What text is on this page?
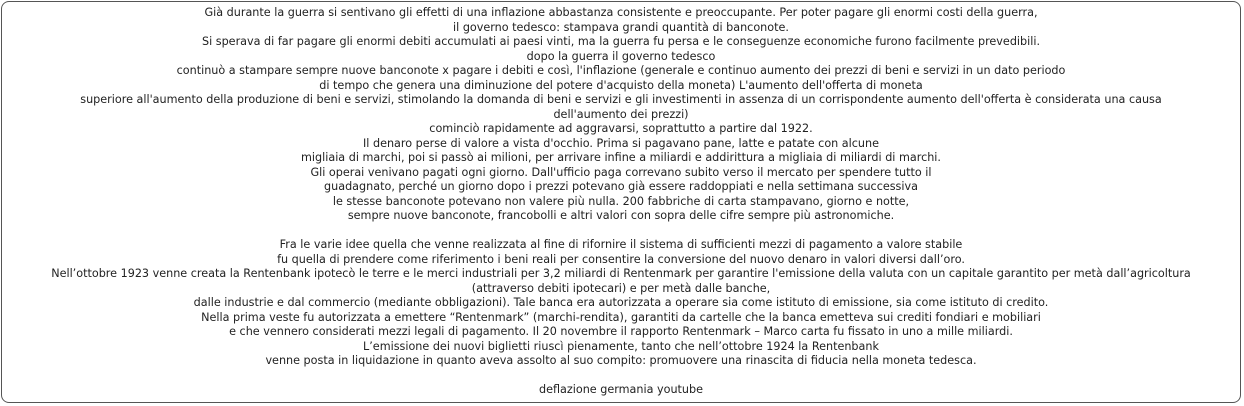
Già durante la guerra si sentivano gli effetti di una inflazione abbastanza consistente e preoccupante. Per poter pagare gli enormi costi della guerra,
il governo tedesco: stampava grandi quantità di banconote.
Si sperava di far pagare gli enormi debiti accumulati ai paesi vinti, ma la guerra fu persa e le conseguenze economiche furono facilmente prevedibili.
dopo la guerra il governo tedesco
continuò a stampare sempre nuove banconote x pagare i debiti e così, l'inflazione (generale e continuo aumento dei prezzi di beni e servizi in un dato periodo
di tempo che genera una diminuzione del potere d'acquisto della moneta) L'aumento dell'offerta di moneta
superiore all'aumento della produzione di beni e servizi, stimolando la domanda di beni e servizi e gli investimenti in assenza di un corrispondente aumento dell'offerta è considerata una causa
dell'aumento dei prezzi)
cominciò rapidamente ad aggravarsi, soprattutto a partire dal 1922.
Il denaro perse di valore a vista d'occhio. Prima si pagavano pane, latte e patate con alcune
migliaia di marchi, poi si passò ai milioni, per arrivare infine a miliardi e addirittura a migliaia di miliardi di marchi.
Gli operai venivano pagati ogni giorno. Dall'ufficio paga correvano subito verso il mercato per spendere tutto il
guadagnato, perché un giorno dopo i prezzi potevano già essere raddoppiati e nella settimana successiva
le stesse banconote potevano non valere più nulla. 200 fabbriche di carta stampavano, giorno e notte,
sempre nuove banconote, francobolli e altri valori con sopra delle cifre sempre più astronomiche.
Fra le varie idee quella che venne realizzata al fine di rifornire il sistema di sufficienti mezzi di pagamento a valore stabile
fu quella di prendere come riferimento i beni reali per consentire la conversione del nuovo denaro in valori diversi dall’oro.
Nell’ottobre 1923 venne creata la Rentenbank ipotecò le terre e le merci industriali per 3,2 miliardi di Rentenmark per garantire l'emissione della valuta con un capitale garantito per metà dall’agricoltura
(attraverso debiti ipotecari) e per metà dalle banche,
dalle industrie e dal commercio (mediante obbligazioni). Tale banca era autorizzata a operare sia come istituto di emissione, sia come istituto di credito.
Nella prima veste fu autorizzata a emettere “Rentenmark” (marchi-rendita), garantiti da cartelle che la banca emetteva sui crediti fondiari e mobiliari
e che vennero considerati mezzi legali di pagamento. Il 20 novembre il rapporto Rentenmark – Marco carta fu fissato in uno a mille miliardi.
L’emissione dei nuovi biglietti riuscì pienamente, tanto che nell’ottobre 1924 la Rentenbank
venne posta in liquidazione in quanto aveva assolto al suo compito: promuovere una rinascita di fiducia nella moneta tedesca.
deflazione germania youtube
